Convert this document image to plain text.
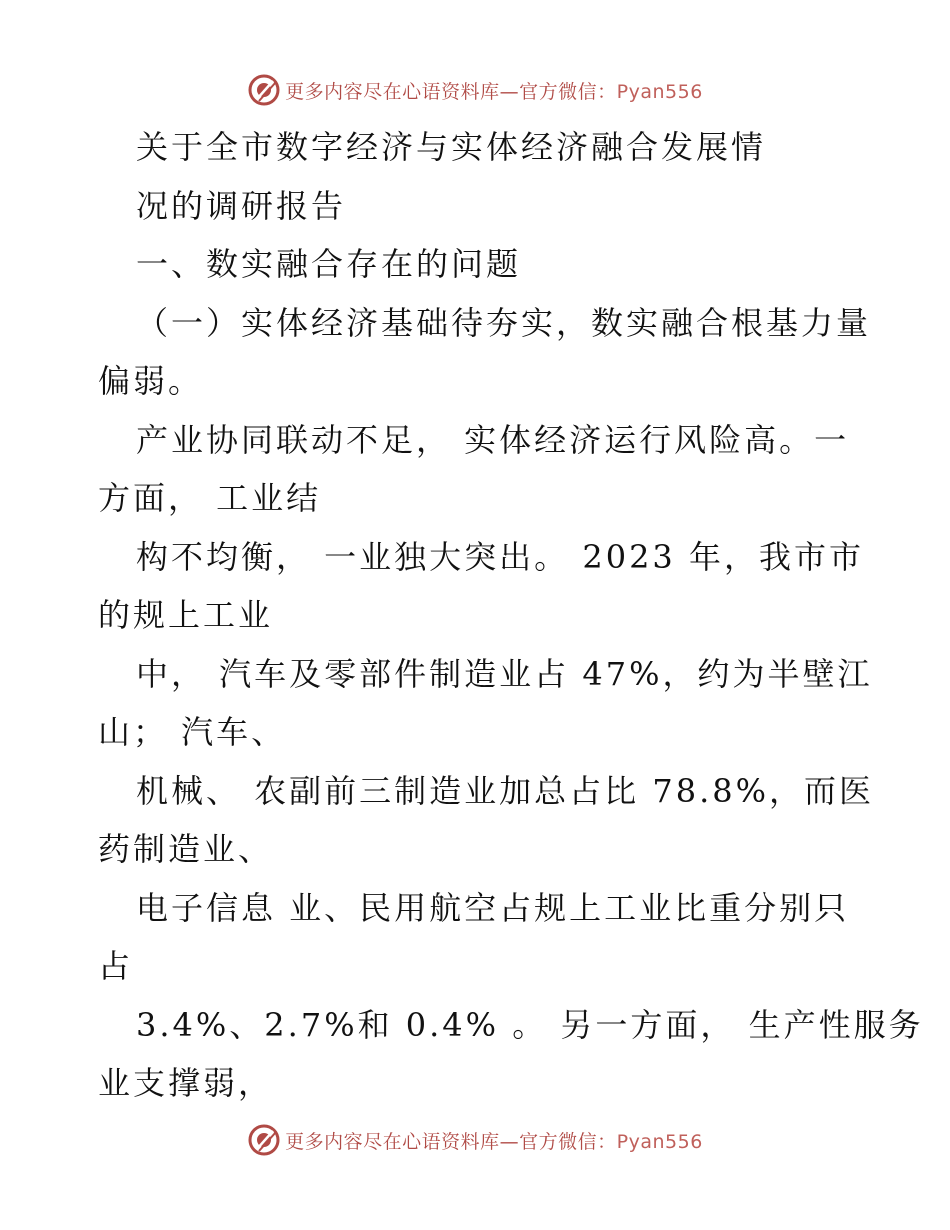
更多内容尽在心语资料库—官方微信：Pyan556
关于全市数字经济与实体经济融合发展情
况的调研报告
一、数实融合存在的问题
（一）实体经济基础待夯实，数实融合根基力量
偏弱。
产业协同联动不足， 实体经济运行风险高。一
方面， 工业结
构不均衡， 一业独大突出。 2023 年，我市市
的规上工业
中， 汽车及零部件制造业占 47%，约为半壁江
山； 汽车、
机械、 农副前三制造业加总占比 78.8%，而医
药制造业、
电子信息 业、民用航空占规上工业比重分别只
占
3.4%、2.7%和 0.4% 。 另一方面， 生产性服务
业支撑弱，
更多内容尽在心语资料库—官方微信：Pyan556
